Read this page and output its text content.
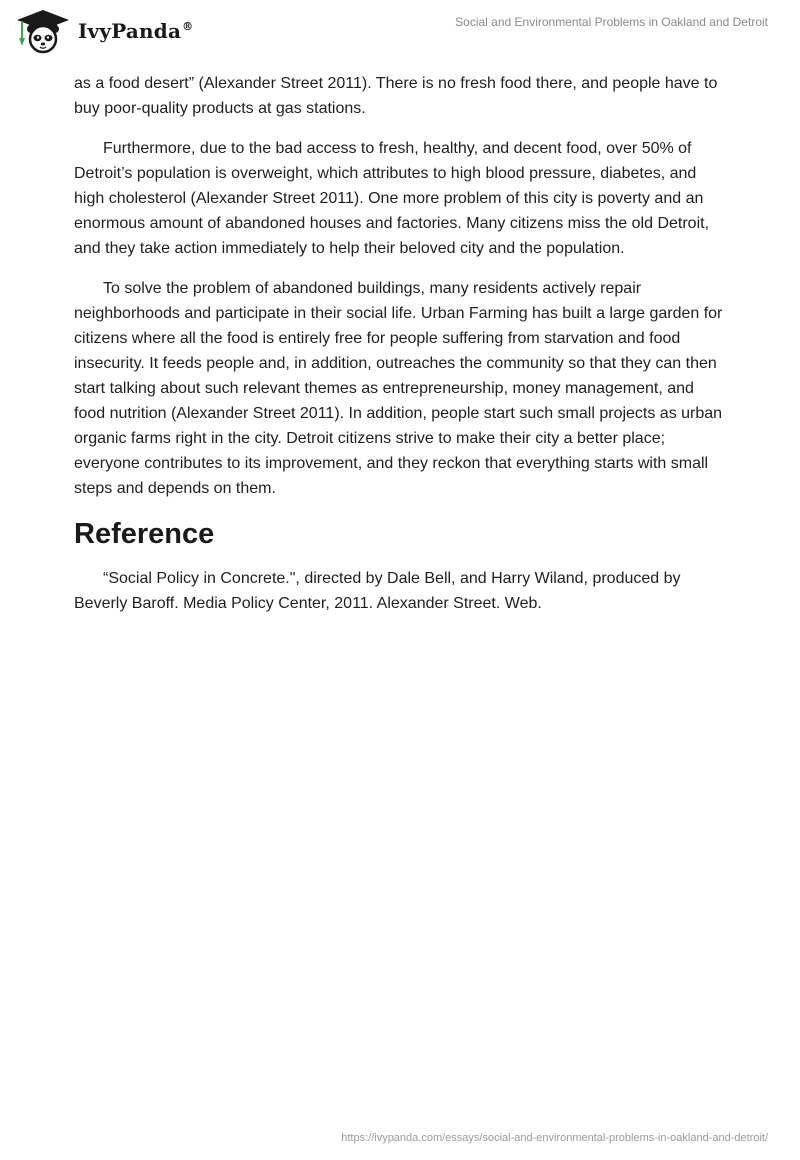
IvyPanda®	Social and Environmental Problems in Oakland and Detroit

as a food desert” (Alexander Street 2011). There is no fresh food there, and people have to buy poor-quality products at gas stations.

Furthermore, due to the bad access to fresh, healthy, and decent food, over 50% of Detroit’s population is overweight, which attributes to high blood pressure, diabetes, and high cholesterol (Alexander Street 2011). One more problem of this city is poverty and an enormous amount of abandoned houses and factories. Many citizens miss the old Detroit, and they take action immediately to help their beloved city and the population.

To solve the problem of abandoned buildings, many residents actively repair neighborhoods and participate in their social life. Urban Farming has built a large garden for citizens where all the food is entirely free for people suffering from starvation and food insecurity. It feeds people and, in addition, outreaches the community so that they can then start talking about such relevant themes as entrepreneurship, money management, and food nutrition (Alexander Street 2011). In addition, people start such small projects as urban organic farms right in the city. Detroit citizens strive to make their city a better place; everyone contributes to its improvement, and they reckon that everything starts with small steps and depends on them.

Reference

“Social Policy in Concrete.", directed by Dale Bell, and Harry Wiland, produced by Beverly Baroff. Media Policy Center, 2011. Alexander Street. Web.

https://ivypanda.com/essays/social-and-environmental-problems-in-oakland-and-detroit/
